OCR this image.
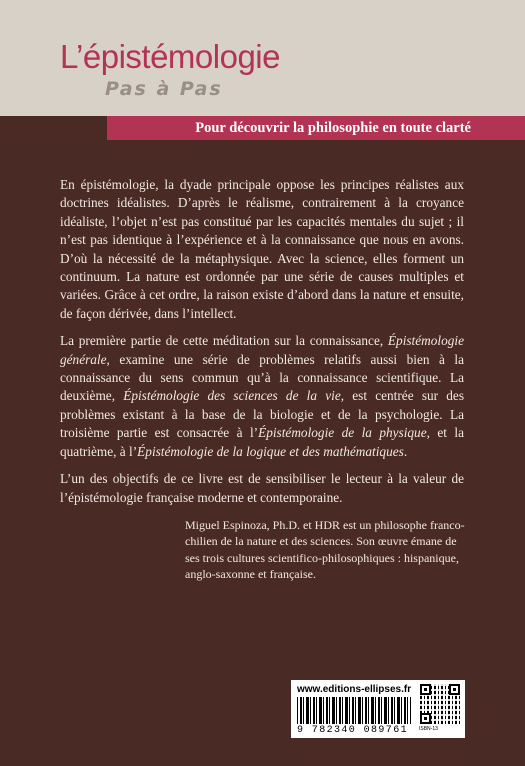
L’épistémologie
Pas à Pas
Pour découvrir la philosophie en toute clarté

En épistémologie, la dyade principale oppose les principes réalistes aux doctrines idéalistes. D’après le réalisme, contrairement à la croyance idéaliste, l’objet n’est pas constitué par les capacités mentales du sujet ; il n’est pas identique à l’expérience et à la connaissance que nous en avons. D’où la nécessité de la métaphysique. Avec la science, elles forment un continuum. La nature est ordonnée par une série de causes multiples et variées. Grâce à cet ordre, la raison existe d’abord dans la nature et ensuite, de façon dérivée, dans l’intellect.

La première partie de cette méditation sur la connaissance, Épistémologie générale, examine une série de problèmes relatifs aussi bien à la connaissance du sens commun qu’à la connaissance scientifique. La deuxième, Épistémologie des sciences de la vie, est centrée sur des problèmes existant à la base de la biologie et de la psychologie. La troisième partie est consacrée à l’Épistémologie de la physique, et la quatrième, à l’Épistémologie de la logique et des mathématiques.

L’un des objectifs de ce livre est de sensibiliser le lecteur à la valeur de l’épistémologie française moderne et contemporaine.

Miguel Espinoza, Ph.D. et HDR est un philosophe franco-chilien de la nature et des sciences. Son œuvre émane de ses trois cultures scientifico-philosophiques : hispanique, anglo-saxonne et française.

www.editions-ellipses.fr
9 782340 089761 ISBN-13
